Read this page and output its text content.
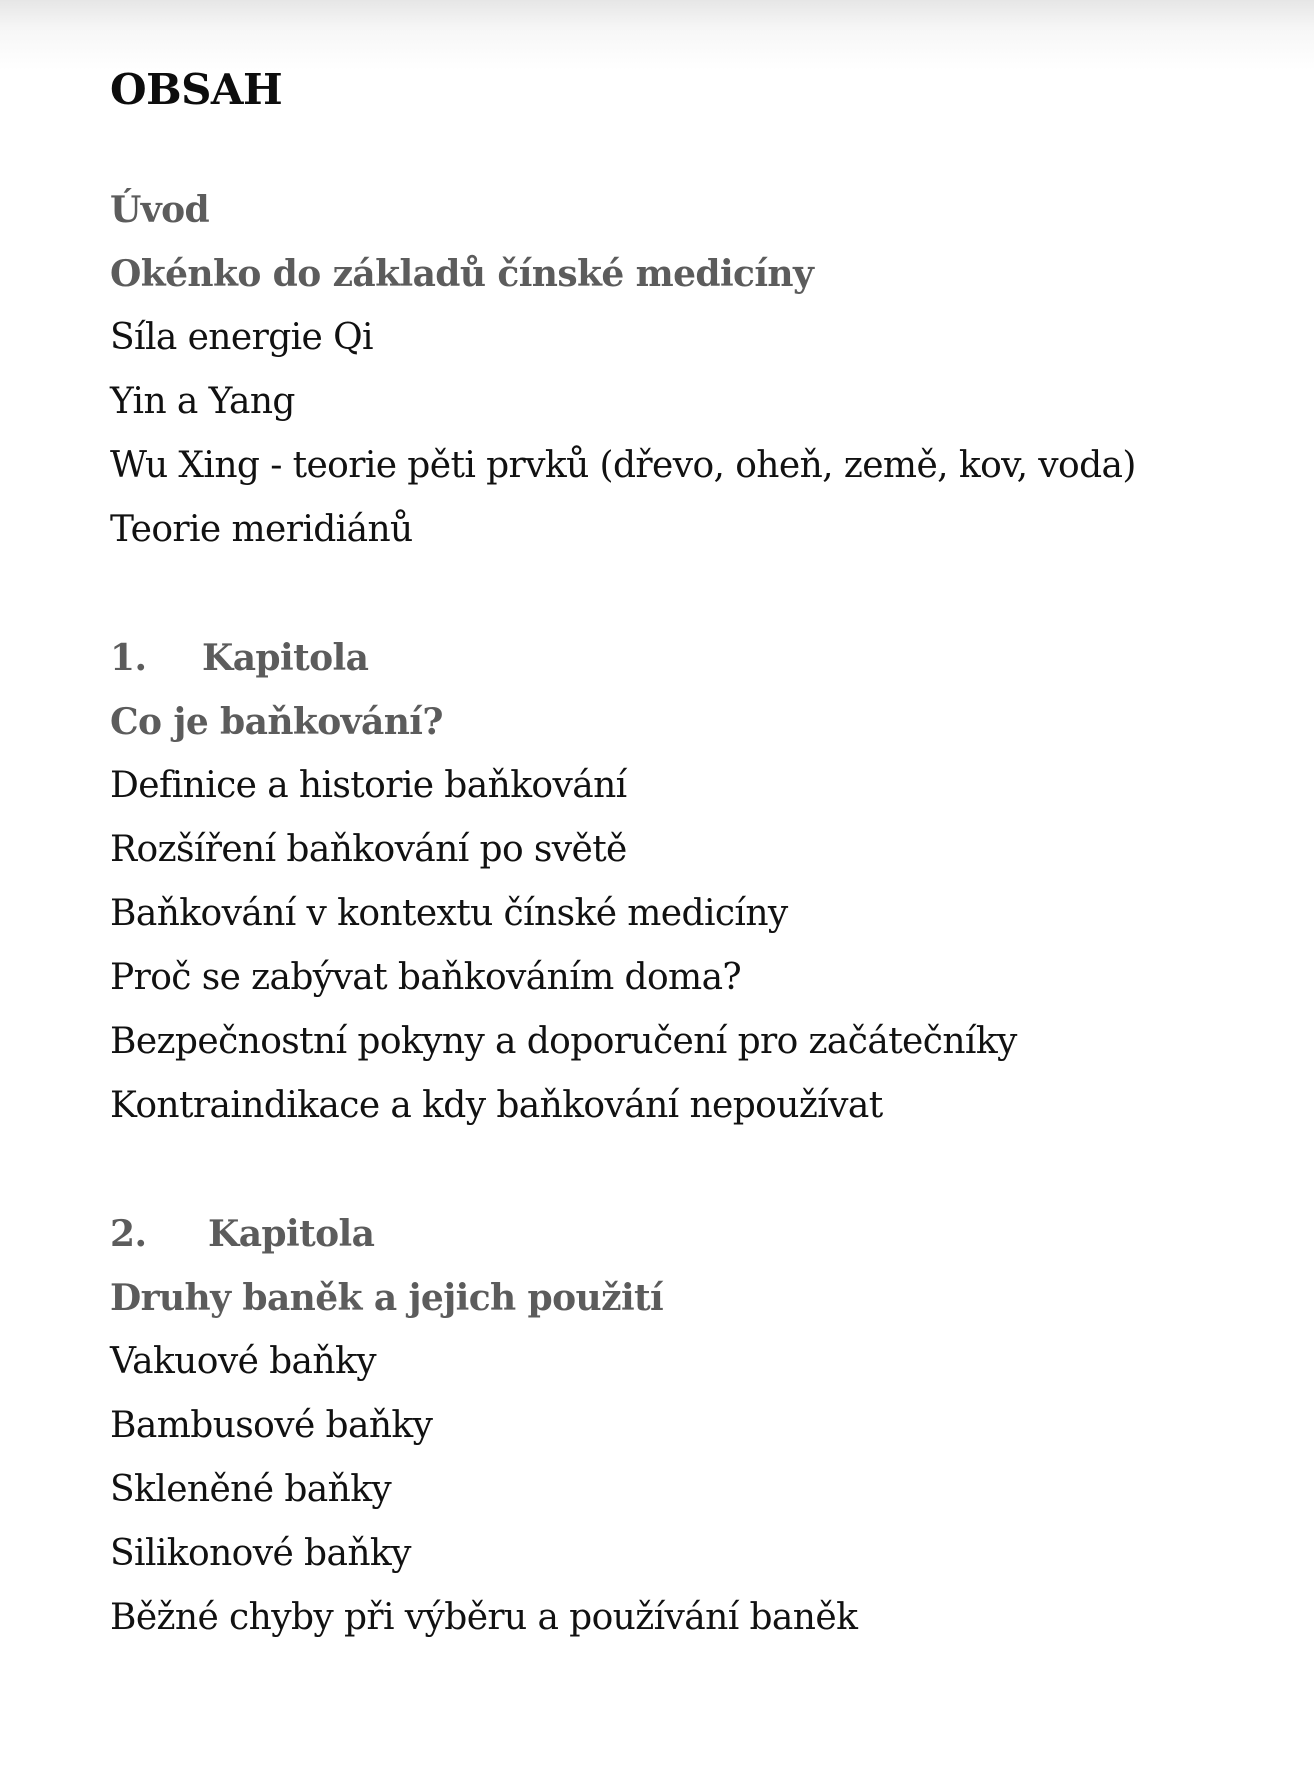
OBSAH
Úvod
Okénko do základů čínské medicíny
Síla energie Qi
Yin a Yang
Wu Xing - teorie pěti prvků (dřevo, oheň, země, kov, voda)
Teorie meridiánů
1. Kapitola
Co je baňkování?
Definice a historie baňkování
Rozšíření baňkování po světě
Baňkování v kontextu čínské medicíny
Proč se zabývat baňkováním doma?
Bezpečnostní pokyny a doporučení pro začátečníky
Kontraindikace a kdy baňkování nepoužívat
2. Kapitola
Druhy baněk a jejich použití
Vakuové baňky
Bambusové baňky
Skleněné baňky
Silikonové baňky
Běžné chyby při výběru a používání baněk
